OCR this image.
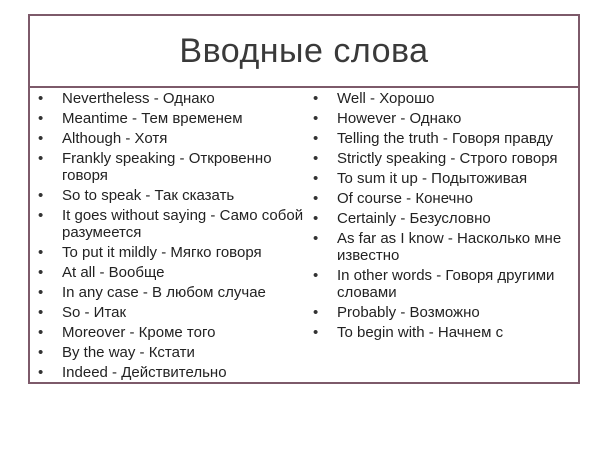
Вводные слова
• Nevertheless - Однако
• Meantime - Тем временем
• Although - Хотя
• Frankly speaking - Откровенно говоря
• So to speak - Так сказать
• It goes without saying - Само собой разумеется
• To put it mildly - Мягко говоря
• At all - Вообще
• In any case - В любом случае
• So - Итак
• Moreover - Кроме того
• By the way - Кстати
• Indeed - Действительно
• Well - Хорошо
• However - Однако
• Telling the truth - Говоря правду
• Strictly speaking - Строго говоря
• To sum it up - Подытоживая
• Of course - Конечно
• Certainly - Безусловно
• As far as I know - Насколько мне известно
• In other words - Говоря другими словами
• Probably - Возможно
• To begin with - Начнем с
